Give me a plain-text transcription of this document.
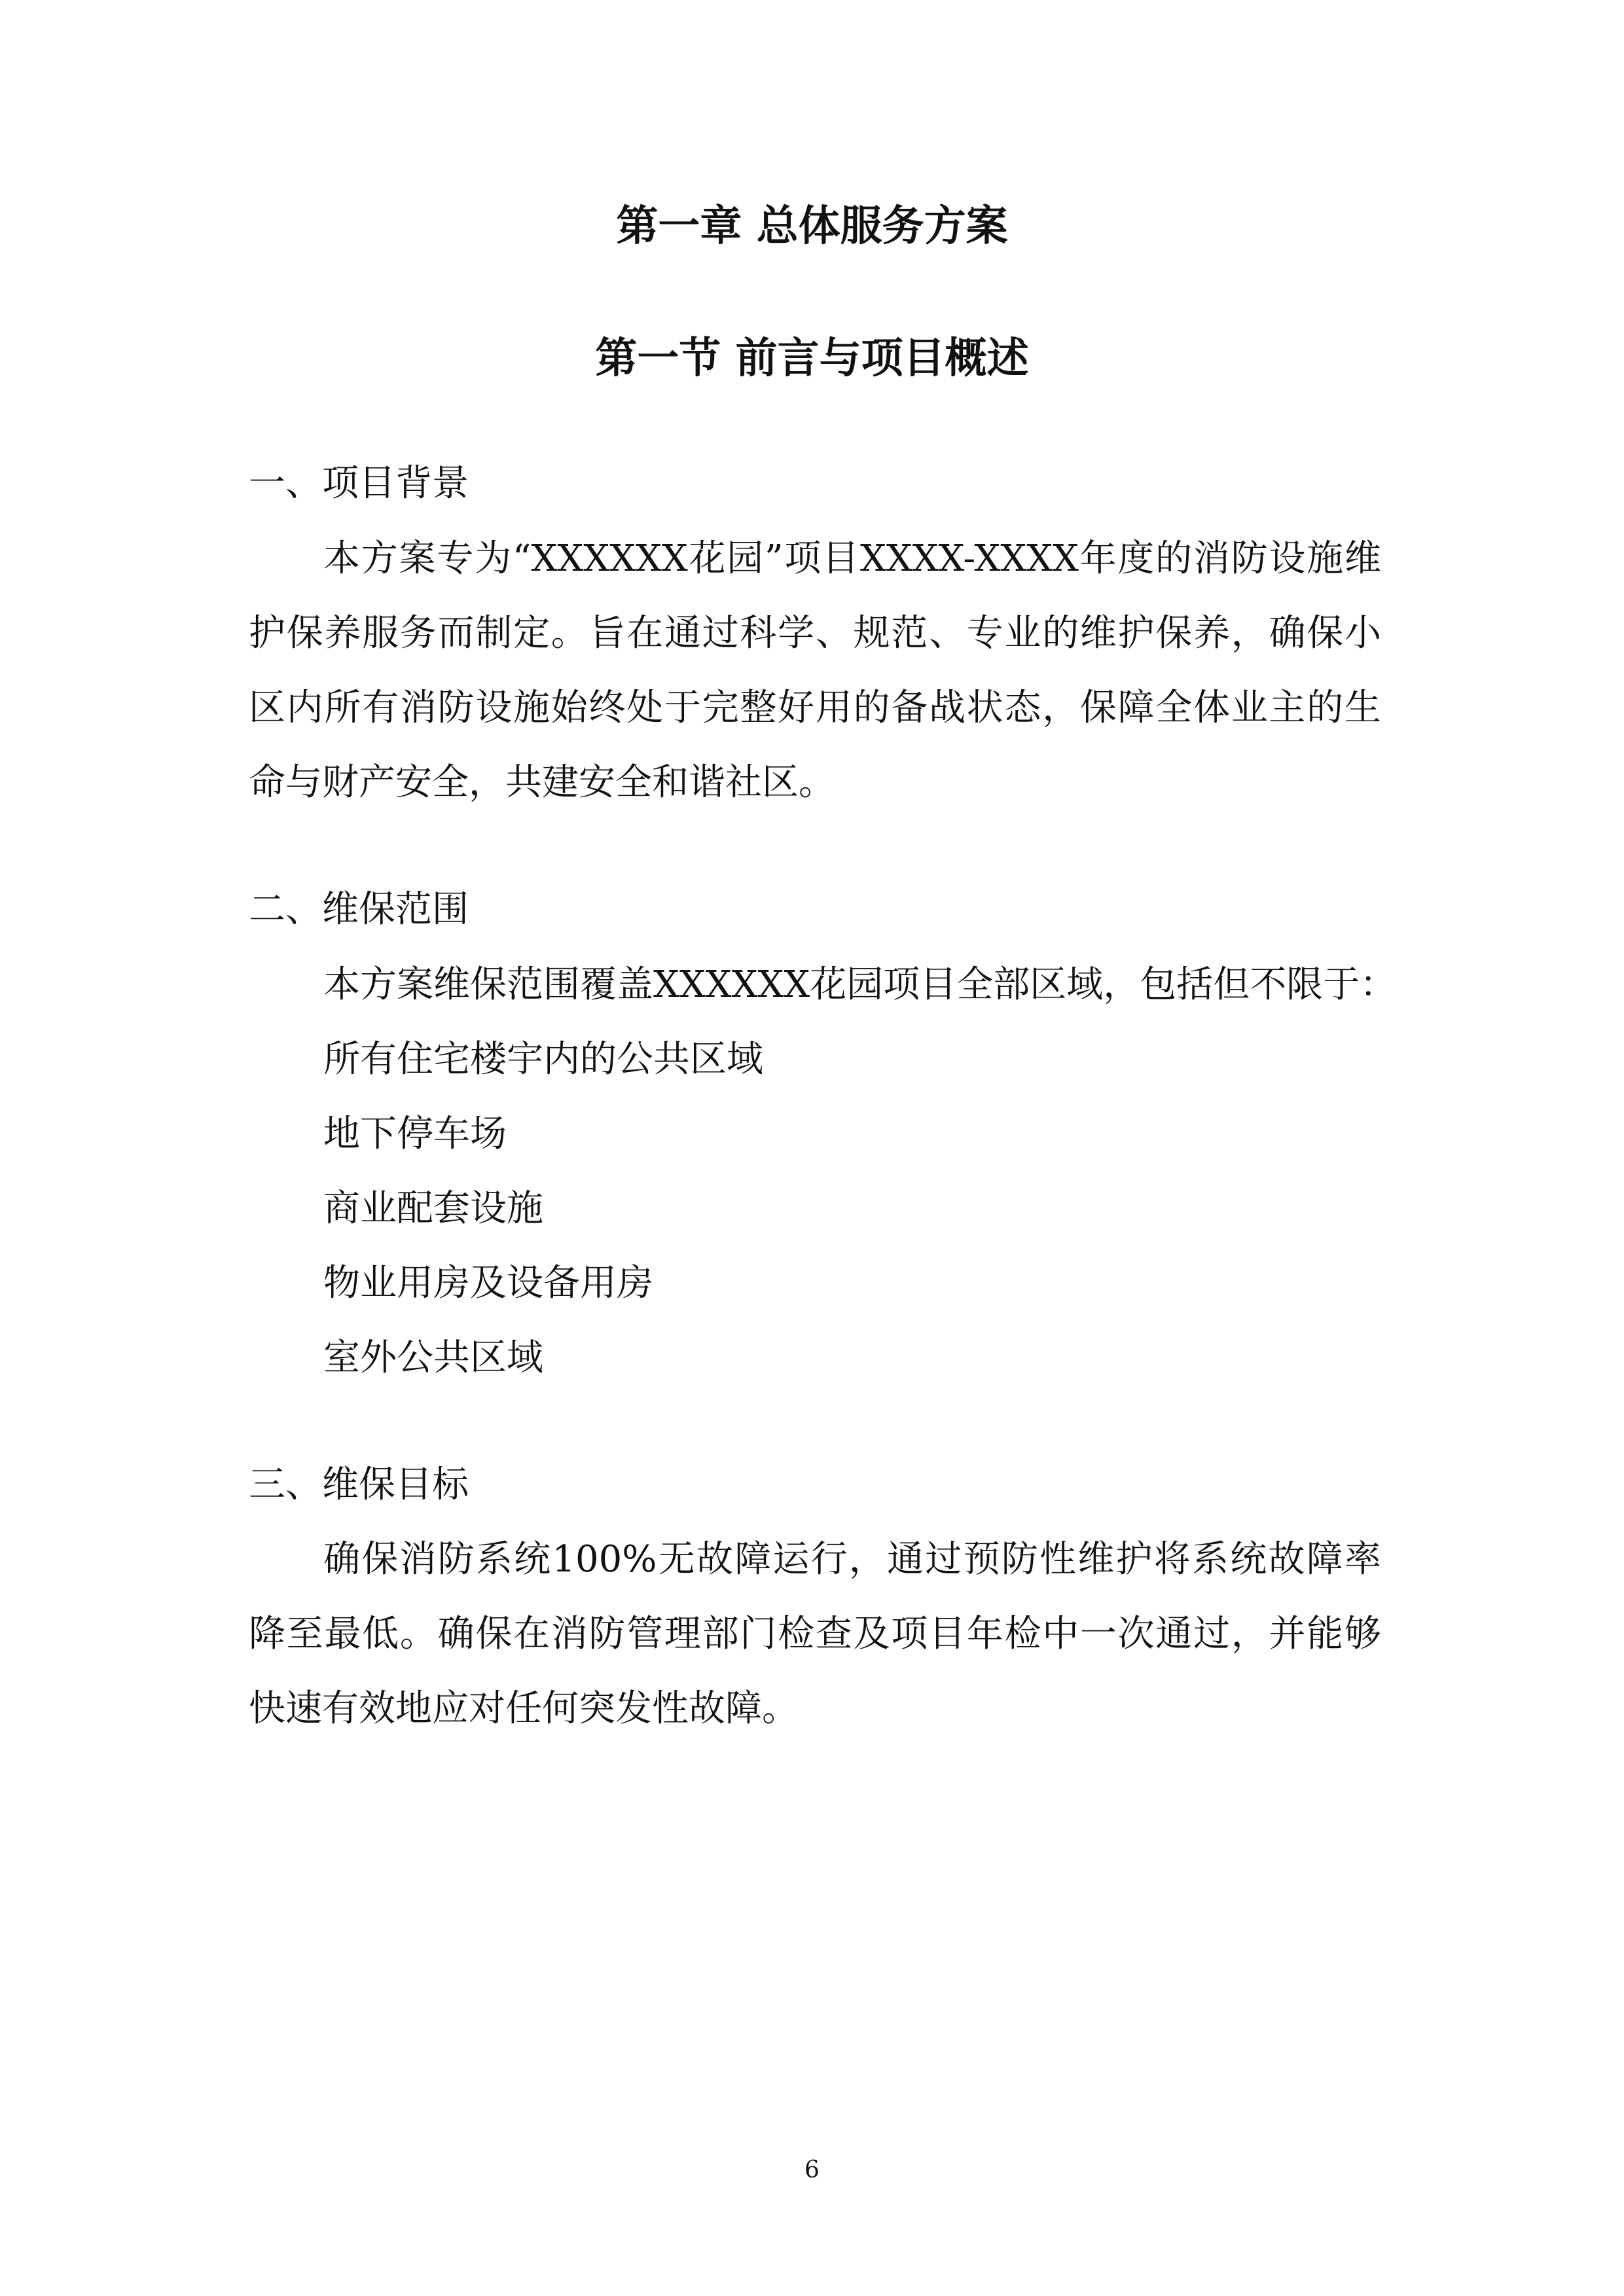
第一章 总体服务方案
第一节 前言与项目概述

一、项目背景

本方案专为“XXXXXX花园”项目XXXX-XXXX年度的消防设施维

护保养服务而制定。旨在通过科学、规范、专业的维护保养，确保小

区内所有消防设施始终处于完整好用的备战状态，保障全体业主的生

命与财产安全，共建安全和谐社区。

二、维保范围

本方案维保范围覆盖XXXXXX花园项目全部区域，包括但不限于：

所有住宅楼宇内的公共区域

地下停车场

商业配套设施

物业用房及设备用房

室外公共区域

三、维保目标

确保消防系统100%无故障运行，通过预防性维护将系统故障率

降至最低。确保在消防管理部门检查及项目年检中一次通过，并能够

快速有效地应对任何突发性故障。

6
